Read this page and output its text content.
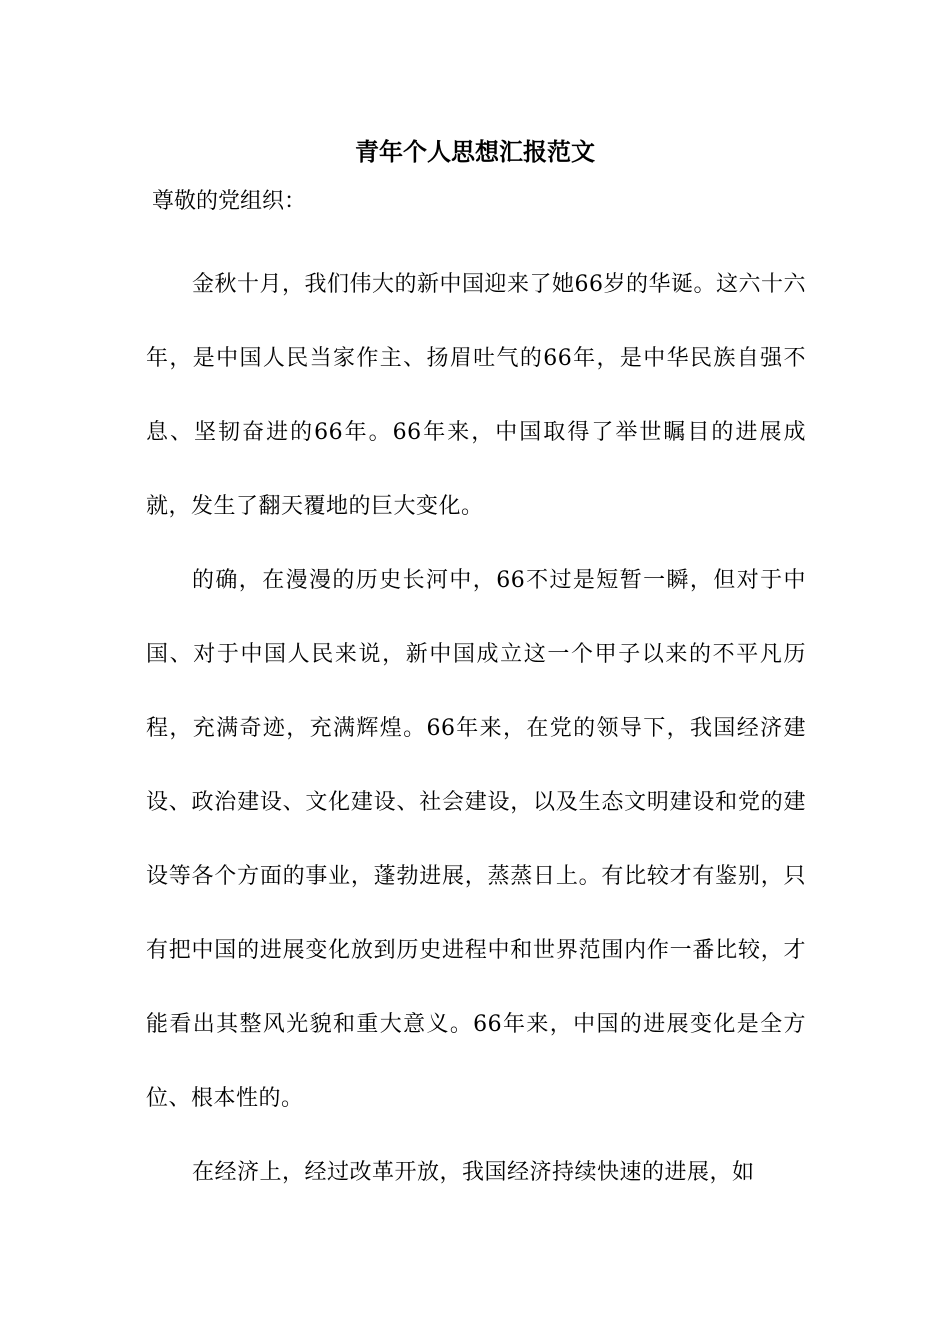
青年个人思想汇报范文
尊敬的党组织：

金秋十月，我们伟大的新中国迎来了她66岁的华诞。这六十六年，是中国人民当家作主、扬眉吐气的66年，是中华民族自强不息、坚韧奋进的66年。66年来，中国取得了举世瞩目的进展成就，发生了翻天覆地的巨大变化。

的确，在漫漫的历史长河中，66不过是短暂一瞬，但对于中国、对于中国人民来说，新中国成立这一个甲子以来的不平凡历程，充满奇迹，充满辉煌。66年来，在党的领导下，我国经济建设、政治建设、文化建设、社会建设，以及生态文明建设和党的建设等各个方面的事业，蓬勃进展，蒸蒸日上。有比较才有鉴别，只有把中国的进展变化放到历史进程中和世界范围内作一番比较，才能看出其整风光貌和重大意义。66年来，中国的进展变化是全方位、根本性的。

在经济上，经过改革开放，我国经济持续快速的进展，如
